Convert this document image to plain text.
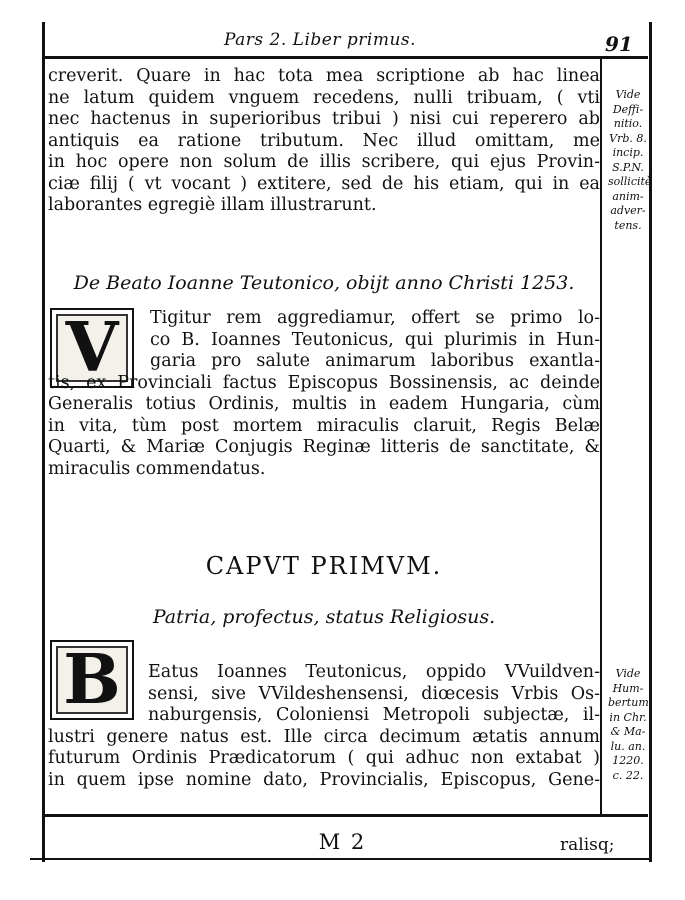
Pars 2. Liber primus.	91
creverit. Quare in hac tota mea scriptione ab hac linea
ne latum quidem vnguem recedens, nulli tribuam, ( vti
nec hactenus in superioribus tribui ) nisi cui reperero ab
antiquis ea ratione tributum. Nec illud omittam, me
in hoc opere non solum de illis scribere, qui ejus Provin-
ciæ filij ( vt vocant ) extitere, sed de his etiam, qui in ea
laborantes egregiè illam illustrarunt.
Vide
Deffi-
nitio.
Vrb. 8.
incip.
S.P.N.
sollicitè
anim-
adver-
tens.
De Beato Ioanne Teutonico, obijt anno Christi 1253.
V	Tigitur rem aggrediamur, offert se primo lo-
co B. Ioannes Teutonicus, qui plurimis in Hun-
garia pro salute animarum laboribus exantla-
tis, ex Provinciali factus Episcopus Bossinensis, ac deinde
Generalis totius Ordinis, multis in eadem Hungaria, cùm
in vita, tùm post mortem miraculis claruit, Regis Belæ
Quarti, & Mariæ Conjugis Reginæ litteris de sanctitate, &
miraculis commendatus.
CAPVT PRIMVM.
Patria, profectus, status Religiosus.
B	Eatus Ioannes Teutonicus, oppido VVuildven-
sensi, sive VVildeshensensi, diœcesis Vrbis Os-
naburgensis, Coloniensi Metropoli subjectæ, il-
lustri genere natus est. Ille circa decimum ætatis annum
futurum Ordinis Prædicatorum ( qui adhuc non extabat )
in quem ipse nomine dato, Provincialis, Episcopus, Gene-
Vide
Hum-
bertum
in Chr.
& Ma-
lu. an.
1220.
c. 22.
M 2	ralisq;
